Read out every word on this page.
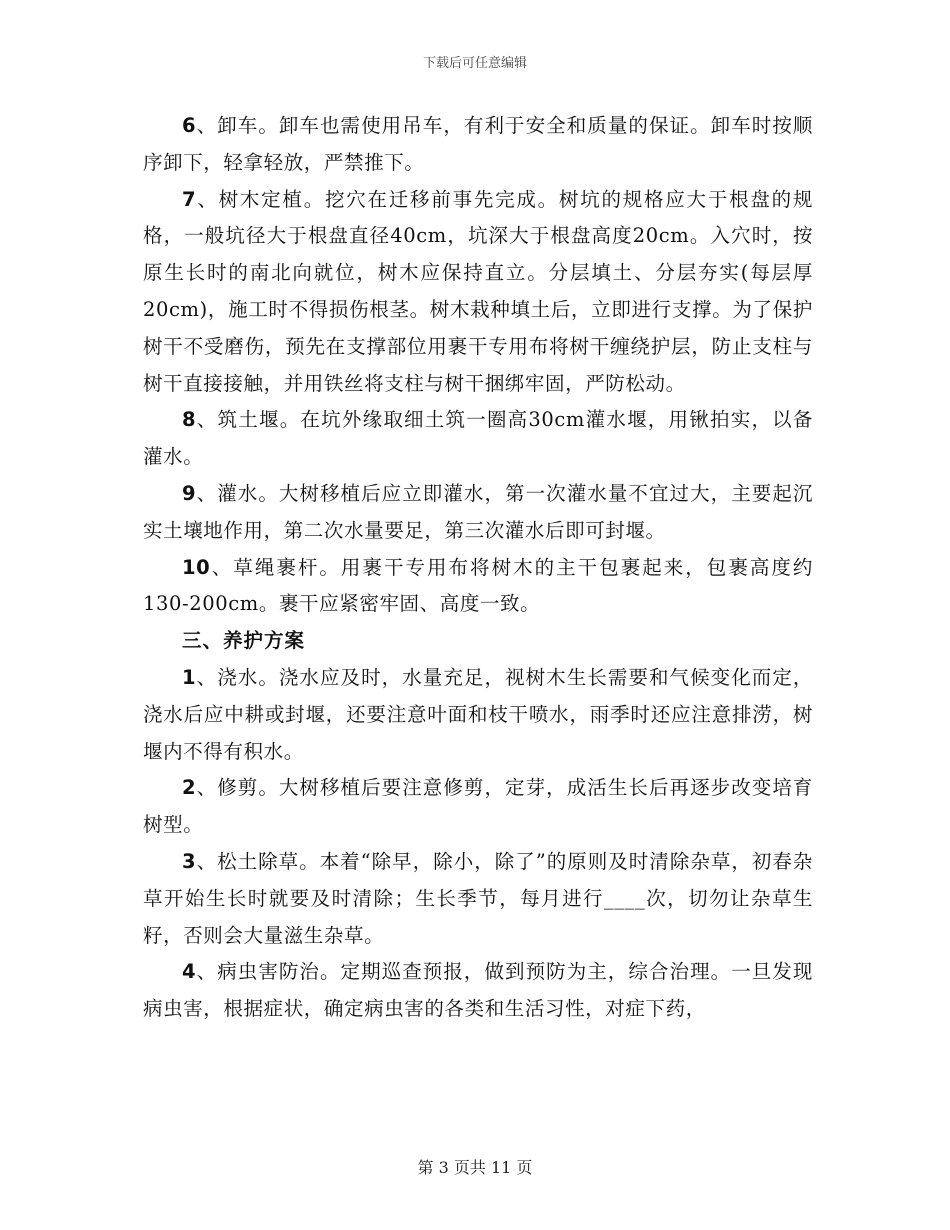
下载后可任意编辑

6、卸车。卸车也需使用吊车，有利于安全和质量的保证。卸车时按顺序卸下，轻拿轻放，严禁推下。

7、树木定植。挖穴在迁移前事先完成。树坑的规格应大于根盘的规格，一般坑径大于根盘直径40cm，坑深大于根盘高度20cm。入穴时，按原生长时的南北向就位，树木应保持直立。分层填土、分层夯实(每层厚20cm)，施工时不得损伤根茎。树木栽种填土后，立即进行支撑。为了保护树干不受磨伤，预先在支撑部位用裹干专用布将树干缠绕护层，防止支柱与树干直接接触，并用铁丝将支柱与树干捆绑牢固，严防松动。

8、筑土堰。在坑外缘取细土筑一圈高30cm灌水堰，用锹拍实，以备灌水。

9、灌水。大树移植后应立即灌水，第一次灌水量不宜过大，主要起沉实土壤地作用，第二次水量要足，第三次灌水后即可封堰。

10、草绳裹杆。用裹干专用布将树木的主干包裹起来，包裹高度约130-200cm。裹干应紧密牢固、高度一致。

三、养护方案

1、浇水。浇水应及时，水量充足，视树木生长需要和气候变化而定，浇水后应中耕或封堰，还要注意叶面和枝干喷水，雨季时还应注意排涝，树堰内不得有积水。

2、修剪。大树移植后要注意修剪，定芽，成活生长后再逐步改变培育树型。

3、松土除草。本着“除早，除小，除了”的原则及时清除杂草，初春杂草开始生长时就要及时清除；生长季节，每月进行____次，切勿让杂草生籽，否则会大量滋生杂草。

4、病虫害防治。定期巡查预报，做到预防为主，综合治理。一旦发现病虫害，根据症状，确定病虫害的各类和生活习性，对症下药，

第 3 页共 11 页
